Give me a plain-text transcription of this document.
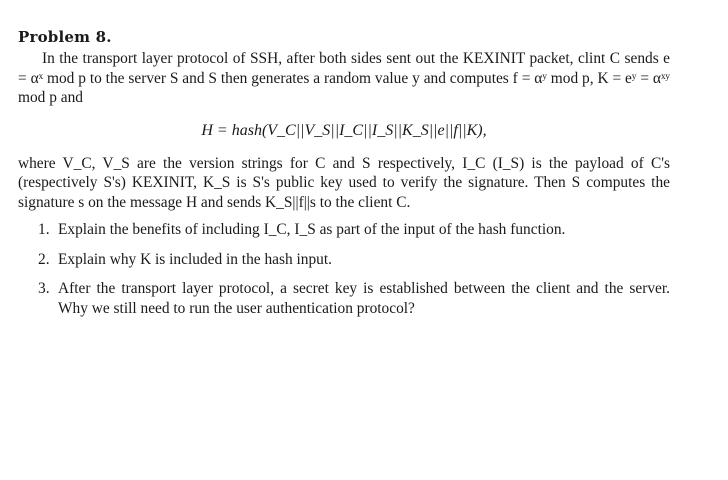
Problem 8.

In the transport layer protocol of SSH, after both sides sent out the KEXINIT packet, clint C sends e = αˣ mod p to the server S and S then generates a random value y and computes f = αʸ mod p, K = eʸ = αˣʸ mod p and

H = hash(V_C||V_S||I_C||I_S||K_S||e||f||K),

where V_C, V_S are the version strings for C and S respectively, I_C (I_S) is the payload of C's (respectively S's) KEXINIT, K_S is S's public key used to verify the signature. Then S computes the signature s on the message H and sends K_S||f||s to the client C.

1. Explain the benefits of including I_C, I_S as part of the input of the hash function.
2. Explain why K is included in the hash input.
3. After the transport layer protocol, a secret key is established between the client and the server. Why we still need to run the user authentication protocol?
